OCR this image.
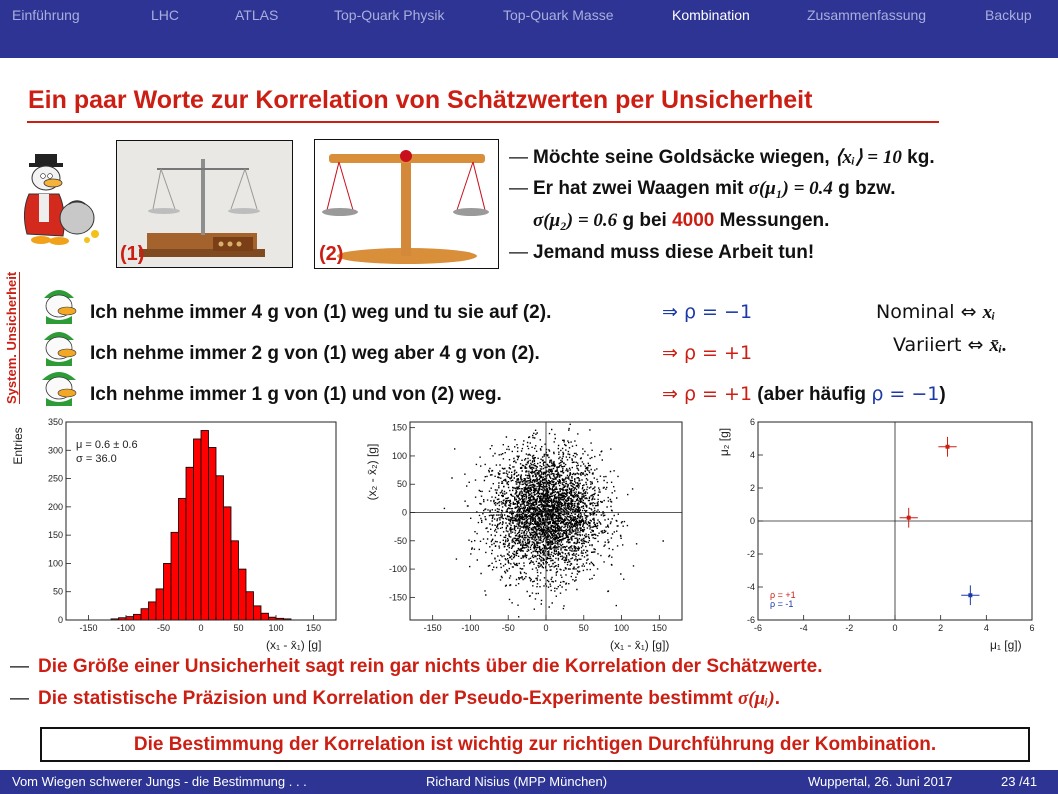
Einführung	LHC	ATLAS	Top-Quark Physik	Top-Quark Masse	Kombination	Zusammenfassung	Backup
Ein paar Worte zur Korrelation von Schätzwerten per Unsicherheit
System. Unsicherheit
(1)	(2)
— Möchte seine Goldsäcke wiegen, ⟨xᵢ⟩ = 10 kg.
— Er hat zwei Waagen mit σ(μ₁) = 0.4 g bzw.
σ(μ₂) = 0.6 g bei 4000 Messungen.
— Jemand muss diese Arbeit tun!
Ich nehme immer 4 g von (1) weg und tu sie auf (2).	⇒ ρ = −1
Ich nehme immer 2 g von (1) weg aber 4 g von (2).	⇒ ρ = +1
Ich nehme immer 1 g von (1) und von (2) weg.	⇒ ρ = +1 (aber häufig ρ = −1)
Nominal ⇔ xᵢ
Variiert ⇔ x̄ᵢ.
-150 -100 -50	0	50	100 150
0
50
100
150
200
250
300
350
μ = 0.6 ± 0.6
σ = 36.0
Entries
(x₁ - x̄₁) [g]
-150 -100 -50	0	50	100	150
-150
-100
-50
0
50
100
150
(x₂ - x̄₂) [g]
(x₁ - x̄₁) [g])
-6	-4	-2	0	2	4	6
-6
-4
-2
0
2
4
6
ρ = +1
ρ = -1
μ₂ [g]
μ₁ [g])
— Die Größe einer Unsicherheit sagt rein gar nichts über die Korrelation der Schätzwerte.
— Die statistische Präzision und Korrelation der Pseudo-Experimente bestimmt σ(μᵢ).
Die Bestimmung der Korrelation ist wichtig zur richtigen Durchführung der Kombination.
Vom Wiegen schwerer Jungs - die Bestimmung . . .	Richard Nisius (MPP München)	Wuppertal, 26. Juni 2017	23 /41
